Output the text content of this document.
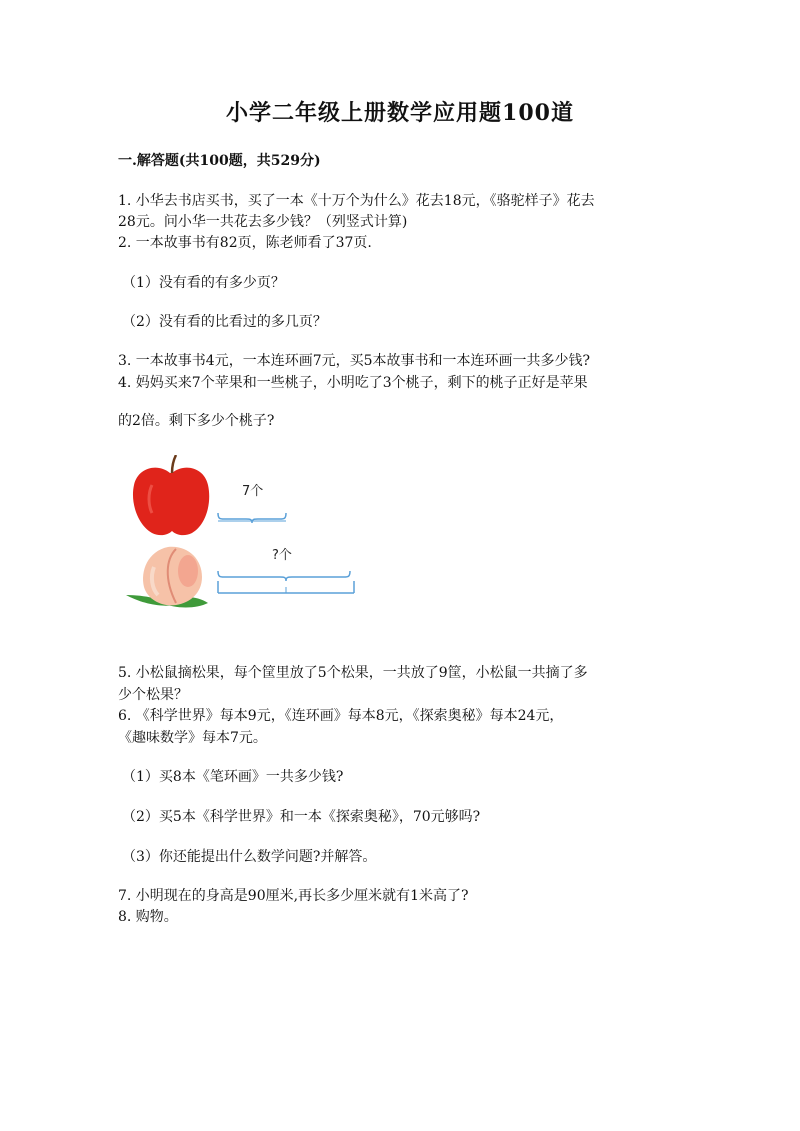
小学二年级上册数学应用题100道
一.解答题(共100题，共529分)
1. 小华去书店买书，买了一本《十万个为什么》花去18元，《骆驼样子》花去
28元。问小华一共花去多少钱？（列竖式计算)
2. 一本故事书有82页，陈老师看了37页.
（1）没有看的有多少页？
（2）没有看的比看过的多几页？
3. 一本故事书4元，一本连环画7元，买5本故事书和一本连环画一共多少钱?
4. 妈妈买来7个苹果和一些桃子，小明吃了3个桃子，剩下的桃子正好是苹果
的2倍。剩下多少个桃子?
7个
?个
5. 小松鼠摘松果，每个筐里放了5个松果，一共放了9筐，小松鼠一共摘了多
少个松果？
6. 《科学世界》每本9元，《连环画》每本8元，《探索奥秘》每本24元，
《趣味数学》每本7元。
（1）买8本《笔环画》一共多少钱?
（2）买5本《科学世界》和一本《探索奥秘》，70元够吗?
（3）你还能提出什么数学问题?并解答。
7. 小明现在的身高是90厘米,再长多少厘米就有1米高了?
8. 购物。
